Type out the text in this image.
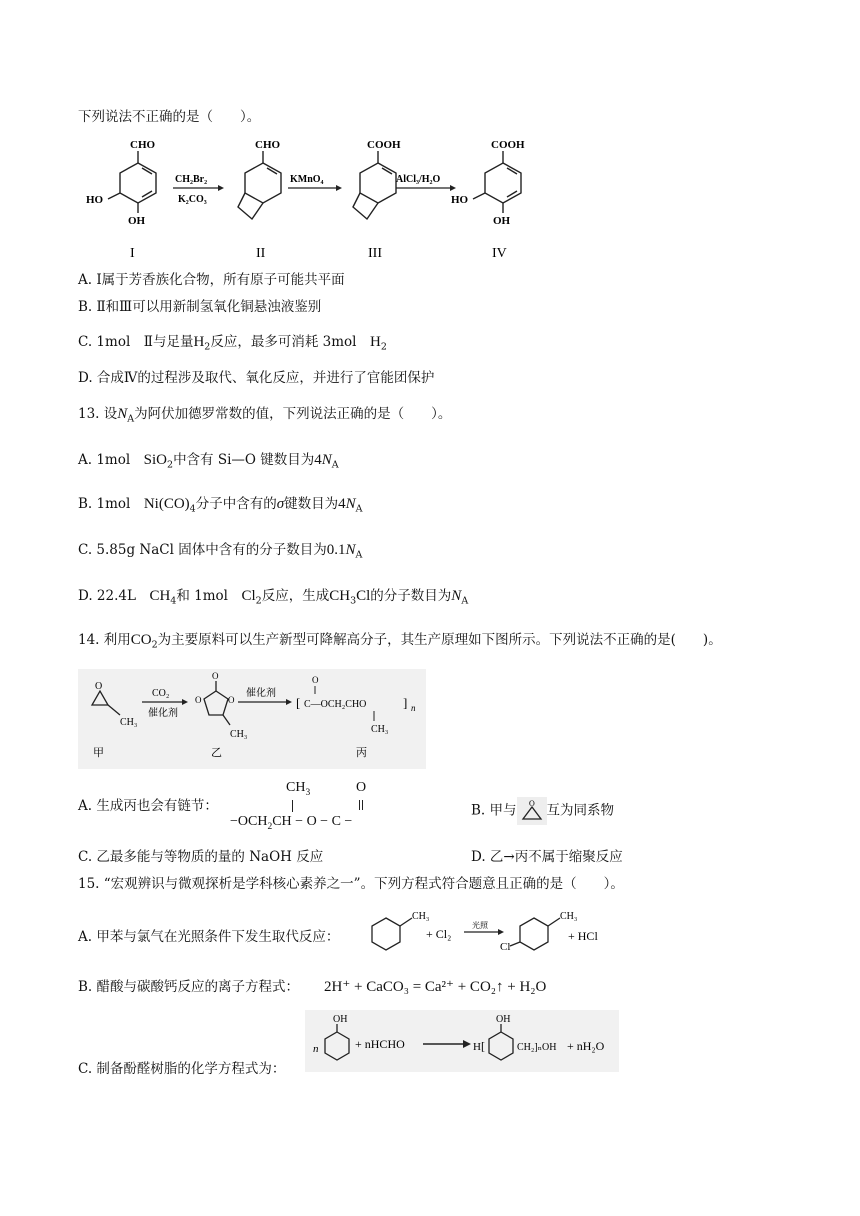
下列说法不正确的是（　　）。
CHO
HO
OH
I
CH₂Br₂
K₂CO₃
CHO
II
KMnO₄
COOH
III
AlCl₃/H₂O
COOH
HO
OH
IV
A. Ⅰ属于芳香族化合物，所有原子可能共平面
B. Ⅱ和Ⅲ可以用新制氢氧化铜悬浊液鉴别
C. 1mol　Ⅱ与足量$H_2$反应，最多可消耗 3mol　$H_2$
D. 合成Ⅳ的过程涉及取代、氧化反应，并进行了官能团保护
13. 设$N_A$为阿伏加德罗常数的值，下列说法正确的是（　　）。
A. 1mol　SiO$_2$中含有 Si—O 键数目为$4N_A$
B. 1mol　$Ni(CO)_4$分子中含有的σ键数目为$4N_A$
C. 5.85g NaCl 固体中含有的分子数目为$0.1N_A$
D. 22.4L　$CH_4$和 1mol　$Cl_2$反应，生成$CH_3Cl$的分子数目为$N_A$
14. 利用$CO_2$为主要原料可以生产新型可降解高分子，其生产原理如下图所示。下列说法不正确的是(　　)。
O
CH₃
甲
CO₂
催化剂
O
O	O
CH₃
乙
催化剂
[
O
C—OCH₂CHO	] n
CH₃
丙
A. 生成丙也会有链节：
$CH_3$	O
$-OCH_2CH - O - C$ −
B. 甲与 O 互为同系物
C. 乙最多能与等物质的量的 NaOH 反应	D. 乙→丙不属于缩聚反应
15. “宏观辨识与微观探析是学科核心素养之一”。下列方程式符合题意且正确的是（　　）。
A. 甲苯与氯气在光照条件下发生取代反应：
CH₃
+ Cl₂
光照
Cl
CH₃
+ HCl
B. 醋酸与碳酸钙反应的离子方程式： 2H⁺ + CaCO₃ = Ca²⁺ + CO₂↑ + H₂O
C. 制备酚醛树脂的化学方程式为：
OH
n	+ nHCHO	H [
OH
CH₂]ₙOH + nH₂O
